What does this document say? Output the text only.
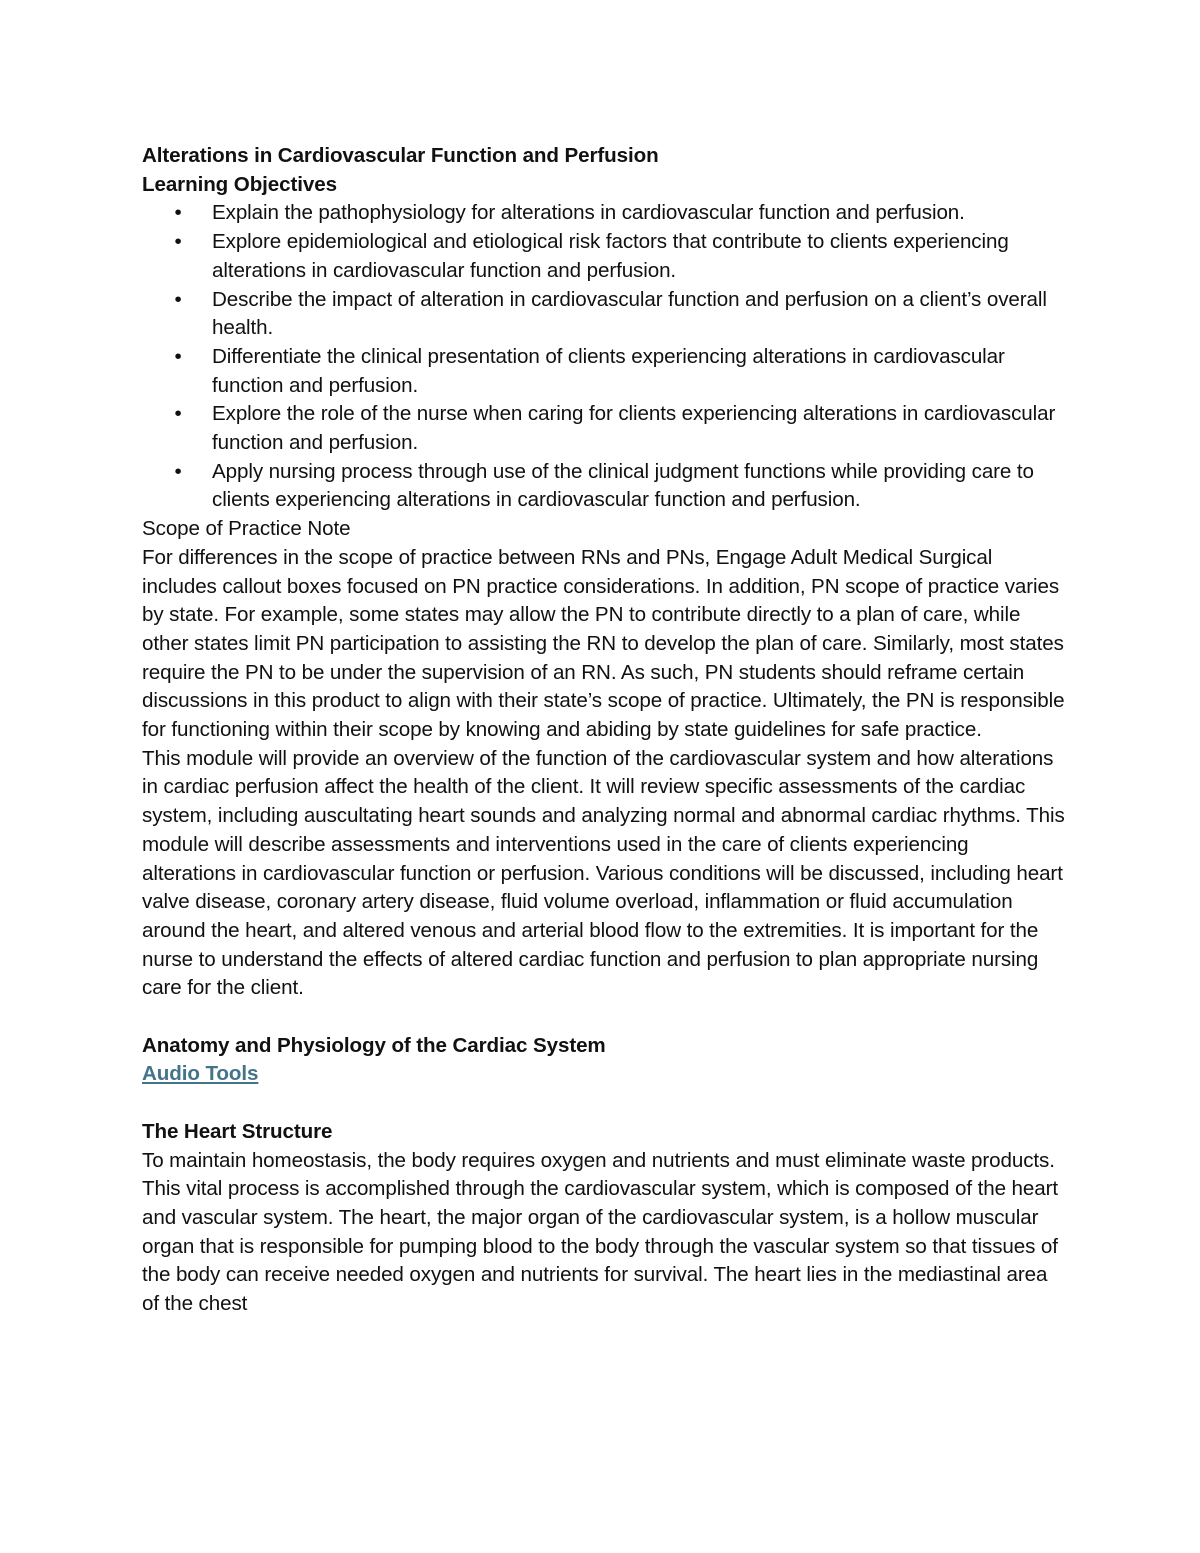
Alterations in Cardiovascular Function and Perfusion

Learning Objectives

• Explain the pathophysiology for alterations in cardiovascular function and perfusion.
• Explore epidemiological and etiological risk factors that contribute to clients experiencing alterations in cardiovascular function and perfusion.
• Describe the impact of alteration in cardiovascular function and perfusion on a client’s overall health.
• Differentiate the clinical presentation of clients experiencing alterations in cardiovascular function and perfusion.
• Explore the role of the nurse when caring for clients experiencing alterations in cardiovascular function and perfusion.
• Apply nursing process through use of the clinical judgment functions while providing care to clients experiencing alterations in cardiovascular function and perfusion.

Scope of Practice Note

For differences in the scope of practice between RNs and PNs, Engage Adult Medical Surgical includes callout boxes focused on PN practice considerations. In addition, PN scope of practice varies by state. For example, some states may allow the PN to contribute directly to a plan of care, while other states limit PN participation to assisting the RN to develop the plan of care. Similarly, most states require the PN to be under the supervision of an RN. As such, PN students should reframe certain discussions in this product to align with their state’s scope of practice. Ultimately, the PN is responsible for functioning within their scope by knowing and abiding by state guidelines for safe practice.

This module will provide an overview of the function of the cardiovascular system and how alterations in cardiac perfusion affect the health of the client. It will review specific assessments of the cardiac system, including auscultating heart sounds and analyzing normal and abnormal cardiac rhythms. This module will describe assessments and interventions used in the care of clients experiencing alterations in cardiovascular function or perfusion. Various conditions will be discussed, including heart valve disease, coronary artery disease, fluid volume overload, inflammation or fluid accumulation around the heart, and altered venous and arterial blood flow to the extremities. It is important for the nurse to understand the effects of altered cardiac function and perfusion to plan appropriate nursing care for the client.

Anatomy and Physiology of the Cardiac System

Audio Tools

The Heart Structure

To maintain homeostasis, the body requires oxygen and nutrients and must eliminate waste products. This vital process is accomplished through the cardiovascular system, which is composed of the heart and vascular system. The heart, the major organ of the cardiovascular system, is a hollow muscular organ that is responsible for pumping blood to the body through the vascular system so that tissues of the body can receive needed oxygen and nutrients for survival. The heart lies in the mediastinal area of the chest
